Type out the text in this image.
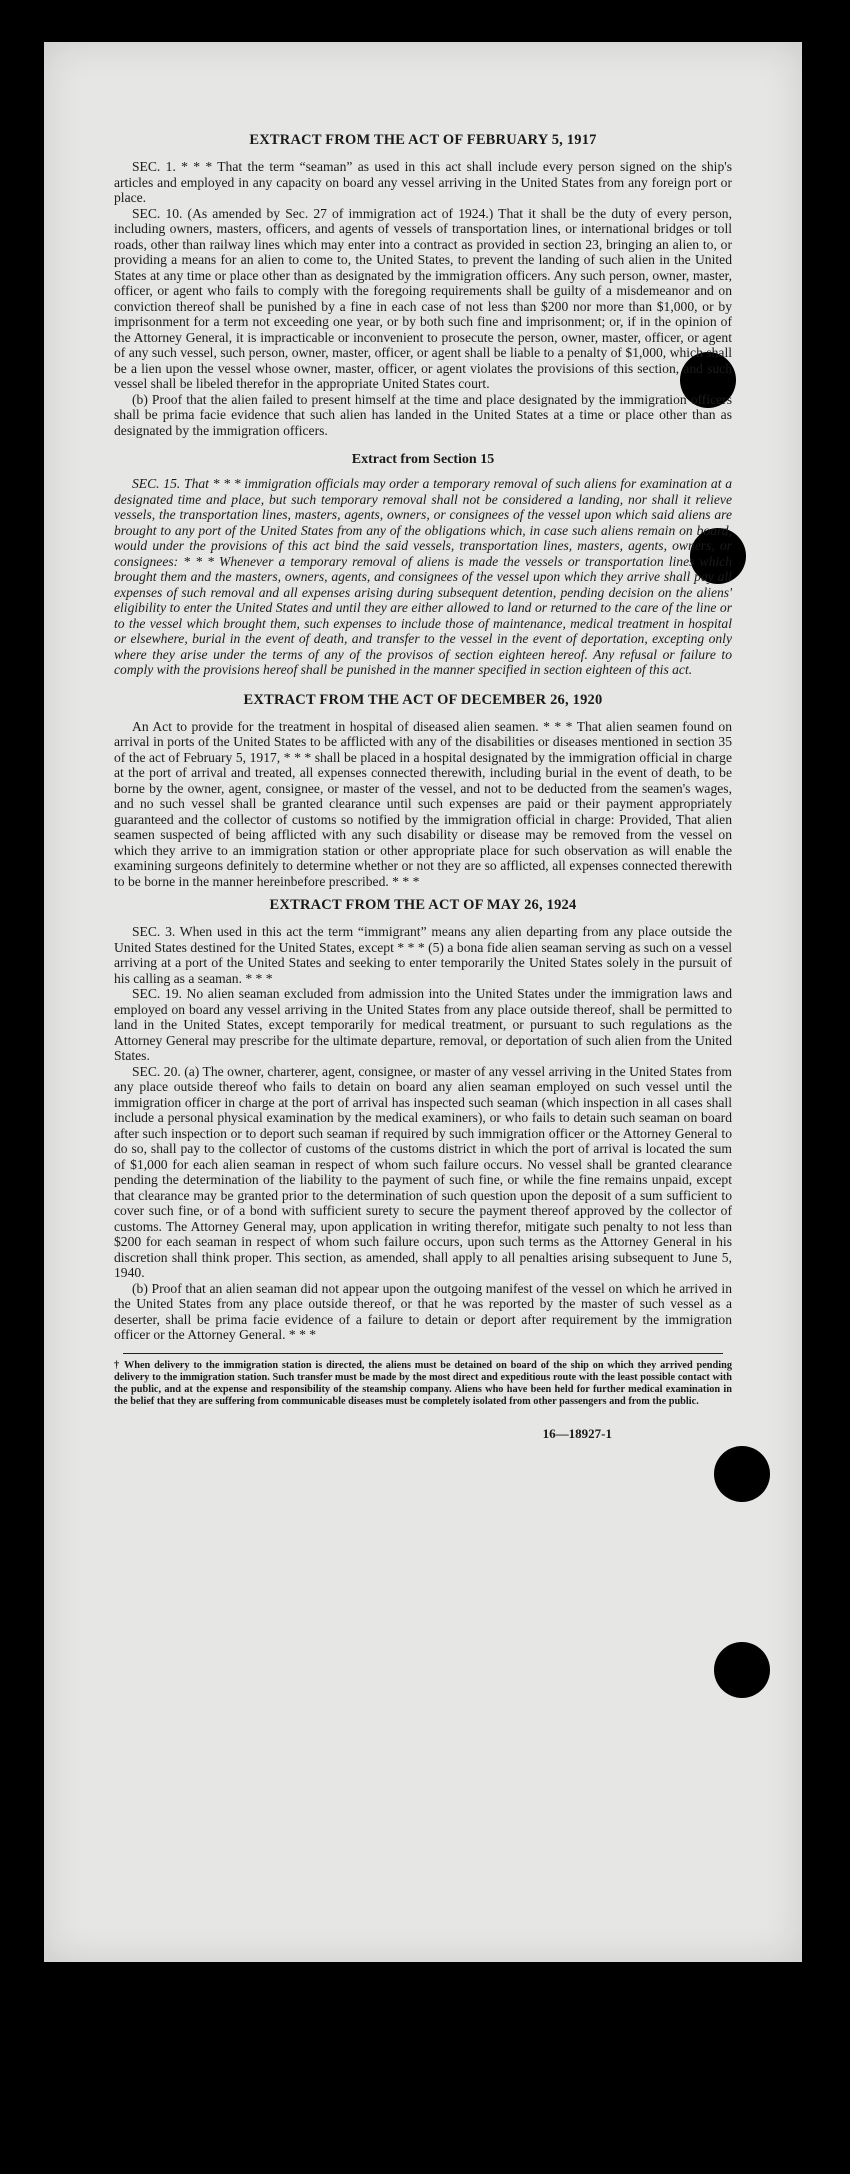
EXTRACT FROM THE ACT OF FEBRUARY 5, 1917

SEC. 1. * * * That the term “seaman” as used in this act shall include every person signed on the ship's articles and employed in any capacity on board any vessel arriving in the United States from any foreign port or place.

SEC. 10. (As amended by Sec. 27 of immigration act of 1924.) That it shall be the duty of every person, including owners, masters, officers, and agents of vessels of transportation lines, or international bridges or toll roads, other than railway lines which may enter into a contract as provided in section 23, bringing an alien to, or providing a means for an alien to come to, the United States, to prevent the landing of such alien in the United States at any time or place other than as designated by the immigration officers. Any such person, owner, master, officer, or agent who fails to comply with the foregoing requirements shall be guilty of a misdemeanor and on conviction thereof shall be punished by a fine in each case of not less than $200 nor more than $1,000, or by imprisonment for a term not exceeding one year, or by both such fine and imprisonment; or, if in the opinion of the Attorney General, it is impracticable or inconvenient to prosecute the person, owner, master, officer, or agent of any such vessel, such person, owner, master, officer, or agent shall be liable to a penalty of $1,000, which shall be a lien upon the vessel whose owner, master, officer, or agent violates the provisions of this section, and such vessel shall be libeled therefor in the appropriate United States court.

(b) Proof that the alien failed to present himself at the time and place designated by the immigration officers shall be prima facie evidence that such alien has landed in the United States at a time or place other than as designated by the immigration officers.

Extract from Section 15

SEC. 15. That * * * immigration officials may order a temporary removal of such aliens for examination at a designated time and place, but such temporary removal shall not be considered a landing, nor shall it relieve vessels, the transportation lines, masters, agents, owners, or consignees of the vessel upon which said aliens are brought to any port of the United States from any of the obligations which, in case such aliens remain on board, would under the provisions of this act bind the said vessels, transportation lines, masters, agents, owners, or consignees: * * * Whenever a temporary removal of aliens is made the vessels or transportation lines which brought them and the masters, owners, agents, and consignees of the vessel upon which they arrive shall pay all expenses of such removal and all expenses arising during subsequent detention, pending decision on the aliens' eligibility to enter the United States and until they are either allowed to land or returned to the care of the line or to the vessel which brought them, such expenses to include those of maintenance, medical treatment in hospital or elsewhere, burial in the event of death, and transfer to the vessel in the event of deportation, excepting only where they arise under the terms of any of the provisos of section eighteen hereof. Any refusal or failure to comply with the provisions hereof shall be punished in the manner specified in section eighteen of this act.

EXTRACT FROM THE ACT OF DECEMBER 26, 1920

An Act to provide for the treatment in hospital of diseased alien seamen. * * * That alien seamen found on arrival in ports of the United States to be afflicted with any of the disabilities or diseases mentioned in section 35 of the act of February 5, 1917, * * * shall be placed in a hospital designated by the immigration official in charge at the port of arrival and treated, all expenses connected therewith, including burial in the event of death, to be borne by the owner, agent, consignee, or master of the vessel, and not to be deducted from the seamen's wages, and no such vessel shall be granted clearance until such expenses are paid or their payment appropriately guaranteed and the collector of customs so notified by the immigration official in charge: Provided, That alien seamen suspected of being afflicted with any such disability or disease may be removed from the vessel on which they arrive to an immigration station or other appropriate place for such observation as will enable the examining surgeons definitely to determine whether or not they are so afflicted, all expenses connected therewith to be borne in the manner hereinbefore prescribed. * * *

EXTRACT FROM THE ACT OF MAY 26, 1924

SEC. 3. When used in this act the term “immigrant” means any alien departing from any place outside the United States destined for the United States, except * * * (5) a bona fide alien seaman serving as such on a vessel arriving at a port of the United States and seeking to enter temporarily the United States solely in the pursuit of his calling as a seaman. * * *

SEC. 19. No alien seaman excluded from admission into the United States under the immigration laws and employed on board any vessel arriving in the United States from any place outside thereof, shall be permitted to land in the United States, except temporarily for medical treatment, or pursuant to such regulations as the Attorney General may prescribe for the ultimate departure, removal, or deportation of such alien from the United States.

SEC. 20. (a) The owner, charterer, agent, consignee, or master of any vessel arriving in the United States from any place outside thereof who fails to detain on board any alien seaman employed on such vessel until the immigration officer in charge at the port of arrival has inspected such seaman (which inspection in all cases shall include a personal physical examination by the medical examiners), or who fails to detain such seaman on board after such inspection or to deport such seaman if required by such immigration officer or the Attorney General to do so, shall pay to the collector of customs of the customs district in which the port of arrival is located the sum of $1,000 for each alien seaman in respect of whom such failure occurs. No vessel shall be granted clearance pending the determination of the liability to the payment of such fine, or while the fine remains unpaid, except that clearance may be granted prior to the determination of such question upon the deposit of a sum sufficient to cover such fine, or of a bond with sufficient surety to secure the payment thereof approved by the collector of customs. The Attorney General may, upon application in writing therefor, mitigate such penalty to not less than $200 for each seaman in respect of whom such failure occurs, upon such terms as the Attorney General in his discretion shall think proper. This section, as amended, shall apply to all penalties arising subsequent to June 5, 1940.

(b) Proof that an alien seaman did not appear upon the outgoing manifest of the vessel on which he arrived in the United States from any place outside thereof, or that he was reported by the master of such vessel as a deserter, shall be prima facie evidence of a failure to detain or deport after requirement by the immigration officer or the Attorney General. * * *

† When delivery to the immigration station is directed, the aliens must be detained on board of the ship on which they arrived pending delivery to the immigration station. Such transfer must be made by the most direct and expeditious route with the least possible contact with the public, and at the expense and responsibility of the steamship company. Aliens who have been held for further medical examination in the belief that they are suffering from communicable diseases must be completely isolated from other passengers and from the public.

16—18927-1
